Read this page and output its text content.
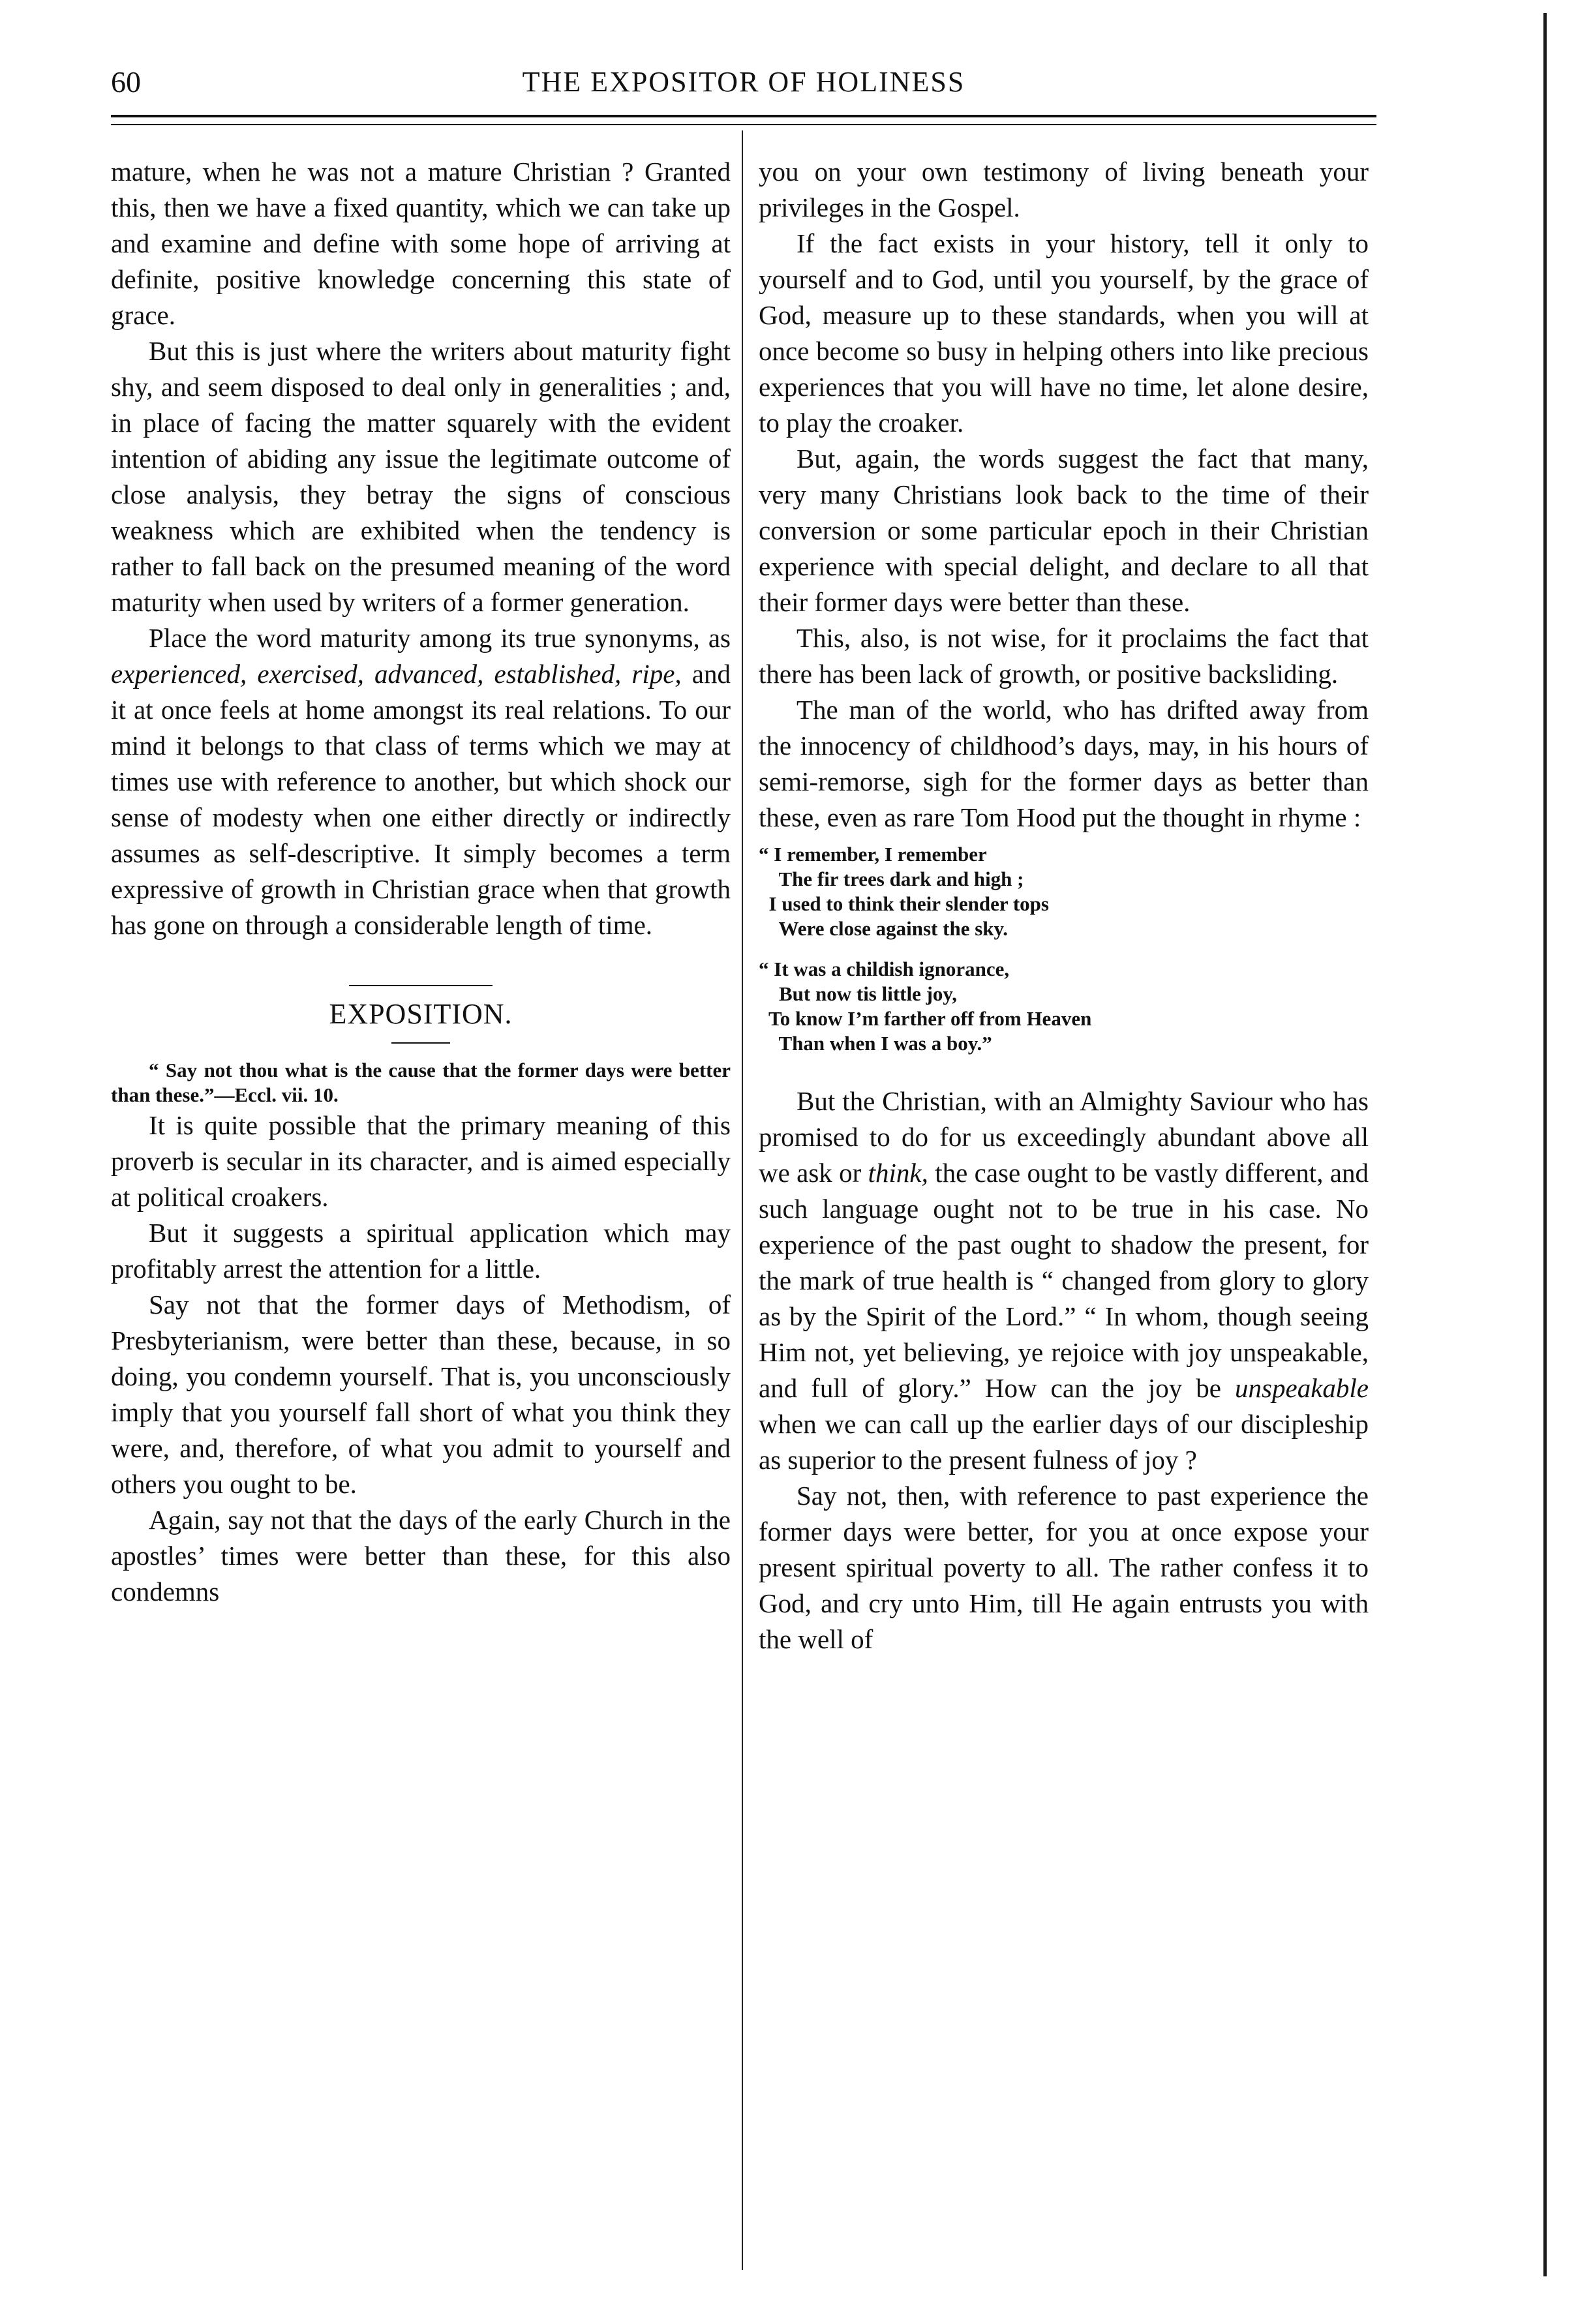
60	THE EXPOSITOR OF HOLINESS

mature, when he was not a mature Christian ? Granted this, then we have a fixed quantity, which we can take up and examine and define with some hope of arriving at definite, positive knowledge concerning this state of grace.

But this is just where the writers about maturity fight shy, and seem disposed to deal only in generalities ; and, in place of facing the matter squarely with the evident intention of abiding any issue the legitimate outcome of close analysis, they betray the signs of conscious weakness which are exhibited when the tendency is rather to fall back on the presumed meaning of the word maturity when used by writers of a former generation.

Place the word maturity among its true synonyms, as experienced, exercised, advanced, established, ripe, and it at once feels at home amongst its real relations. To our mind it belongs to that class of terms which we may at times use with reference to another, but which shock our sense of modesty when one either directly or indirectly assumes as self-descriptive. It simply becomes a term expressive of growth in Christian grace when that growth has gone on through a considerable length of time.

EXPOSITION.

“ Say not thou what is the cause that the former days were better than these.”—Eccl. vii. 10.

It is quite possible that the primary meaning of this proverb is secular in its character, and is aimed especially at political croakers.

But it suggests a spiritual application which may profitably arrest the attention for a little.

Say not that the former days of Methodism, of Presbyterianism, were better than these, because, in so doing, you condemn yourself. That is, you unconsciously imply that you yourself fall short of what you think they were, and, therefore, of what you admit to yourself and others you ought to be.

Again, say not that the days of the early Church in the apostles’ times were better than these, for this also condemns

you on your own testimony of living beneath your privileges in the Gospel.

If the fact exists in your history, tell it only to yourself and to God, until you yourself, by the grace of God, measure up to these standards, when you will at once become so busy in helping others into like precious experiences that you will have no time, let alone desire, to play the croaker.

But, again, the words suggest the fact that many, very many Christians look back to the time of their conversion or some particular epoch in their Christian experience with special delight, and declare to all that their former days were better than these.

This, also, is not wise, for it proclaims the fact that there has been lack of growth, or positive backsliding.

The man of the world, who has drifted away from the innocency of childhood’s days, may, in his hours of semi-remorse, sigh for the former days as better than these, even as rare Tom Hood put the thought in rhyme :

“ I remember, I remember
The fir trees dark and high ;
I used to think their slender tops
Were close against the sky.
“ It was a childish ignorance,
But now tis little joy,
To know I’m farther off from Heaven
Than when I was a boy.”

But the Christian, with an Almighty Saviour who has promised to do for us exceedingly abundant above all we ask or think, the case ought to be vastly different, and such language ought not to be true in his case. No experience of the past ought to shadow the present, for the mark of true health is “ changed from glory to glory as by the Spirit of the Lord.” “ In whom, though seeing Him not, yet believing, ye rejoice with joy unspeakable, and full of glory.” How can the joy be unspeakable when we can call up the earlier days of our discipleship as superior to the present fulness of joy ?

Say not, then, with reference to past experience the former days were better, for you at once expose your present spiritual poverty to all. The rather confess it to God, and cry unto Him, till He again entrusts you with the well of
